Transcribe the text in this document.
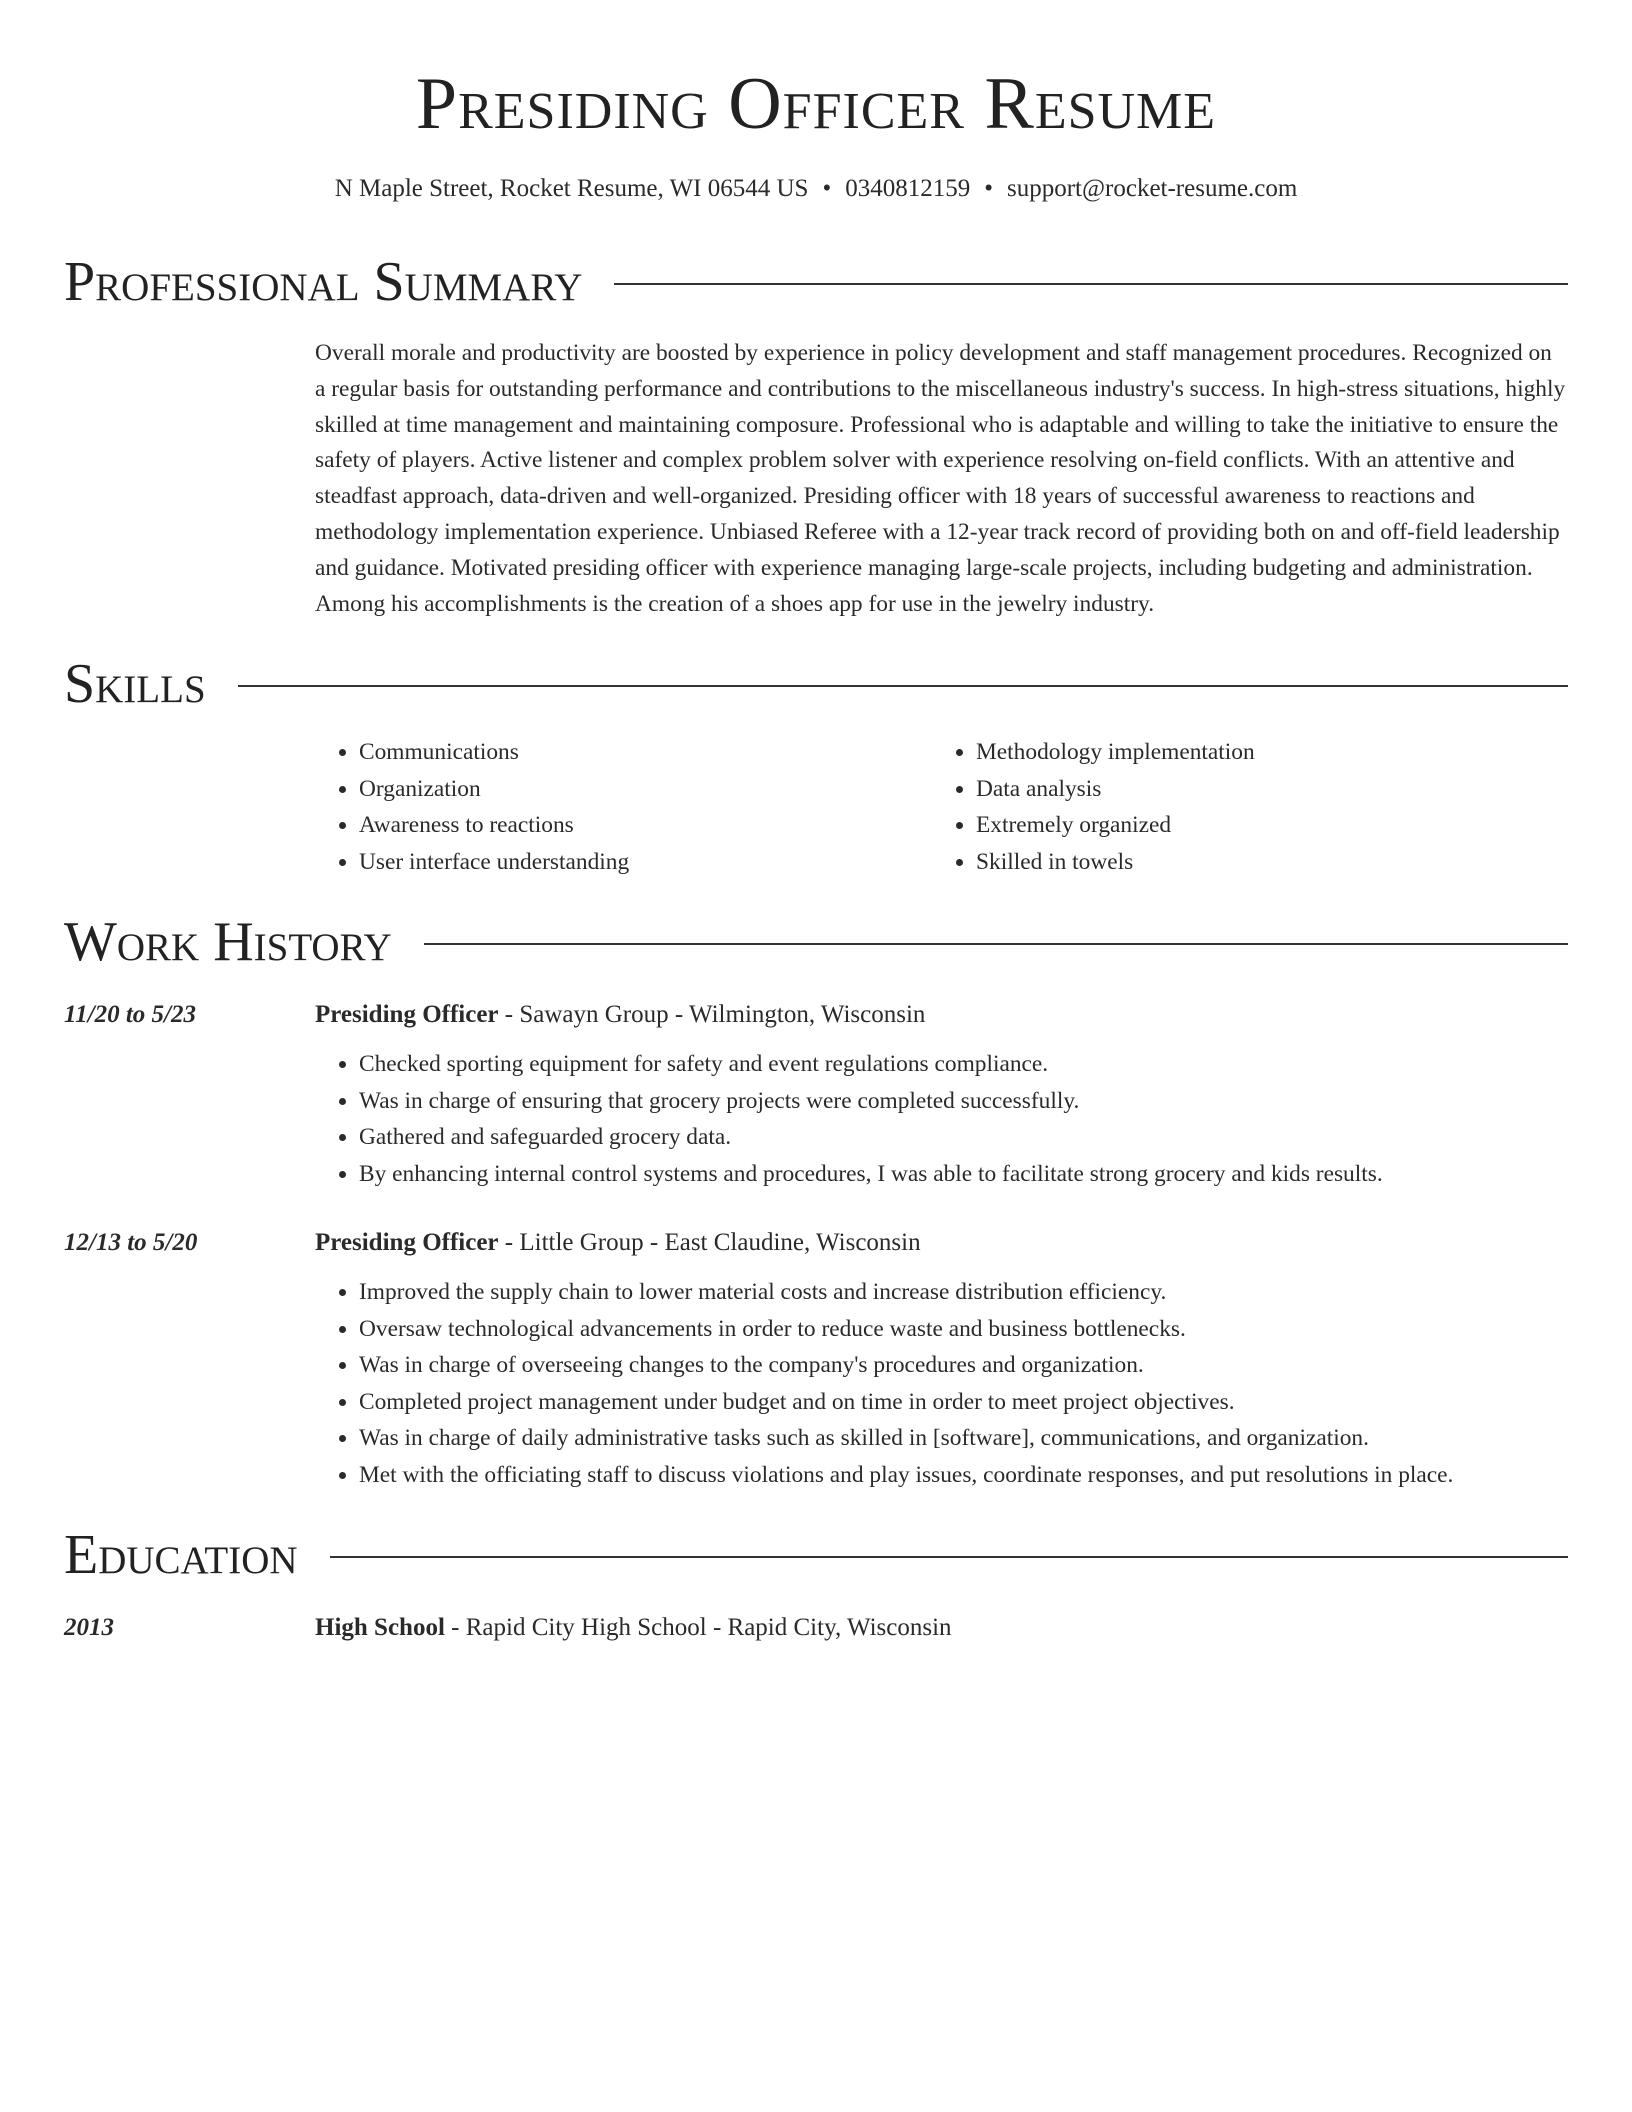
Presiding Officer Resume
N Maple Street, Rocket Resume, WI 06544 US • 0340812159 • support@rocket-resume.com
Professional Summary
Overall morale and productivity are boosted by experience in policy development and staff management procedures. Recognized on a regular basis for outstanding performance and contributions to the miscellaneous industry's success. In high-stress situations, highly skilled at time management and maintaining composure. Professional who is adaptable and willing to take the initiative to ensure the safety of players. Active listener and complex problem solver with experience resolving on-field conflicts. With an attentive and steadfast approach, data-driven and well-organized. Presiding officer with 18 years of successful awareness to reactions and methodology implementation experience. Unbiased Referee with a 12-year track record of providing both on and off-field leadership and guidance. Motivated presiding officer with experience managing large-scale projects, including budgeting and administration. Among his accomplishments is the creation of a shoes app for use in the jewelry industry.
Skills
• Communications
• Organization
• Awareness to reactions
• User interface understanding
• Methodology implementation
• Data analysis
• Extremely organized
• Skilled in towels
Work History
11/20 to 5/23	Presiding Officer - Sawayn Group - Wilmington, Wisconsin
• Checked sporting equipment for safety and event regulations compliance.
• Was in charge of ensuring that grocery projects were completed successfully.
• Gathered and safeguarded grocery data.
• By enhancing internal control systems and procedures, I was able to facilitate strong grocery and kids results.
12/13 to 5/20	Presiding Officer - Little Group - East Claudine, Wisconsin
• Improved the supply chain to lower material costs and increase distribution efficiency.
• Oversaw technological advancements in order to reduce waste and business bottlenecks.
• Was in charge of overseeing changes to the company's procedures and organization.
• Completed project management under budget and on time in order to meet project objectives.
• Was in charge of daily administrative tasks such as skilled in [software], communications, and organization.
• Met with the officiating staff to discuss violations and play issues, coordinate responses, and put resolutions in place.
Education
2013	High School - Rapid City High School - Rapid City, Wisconsin
